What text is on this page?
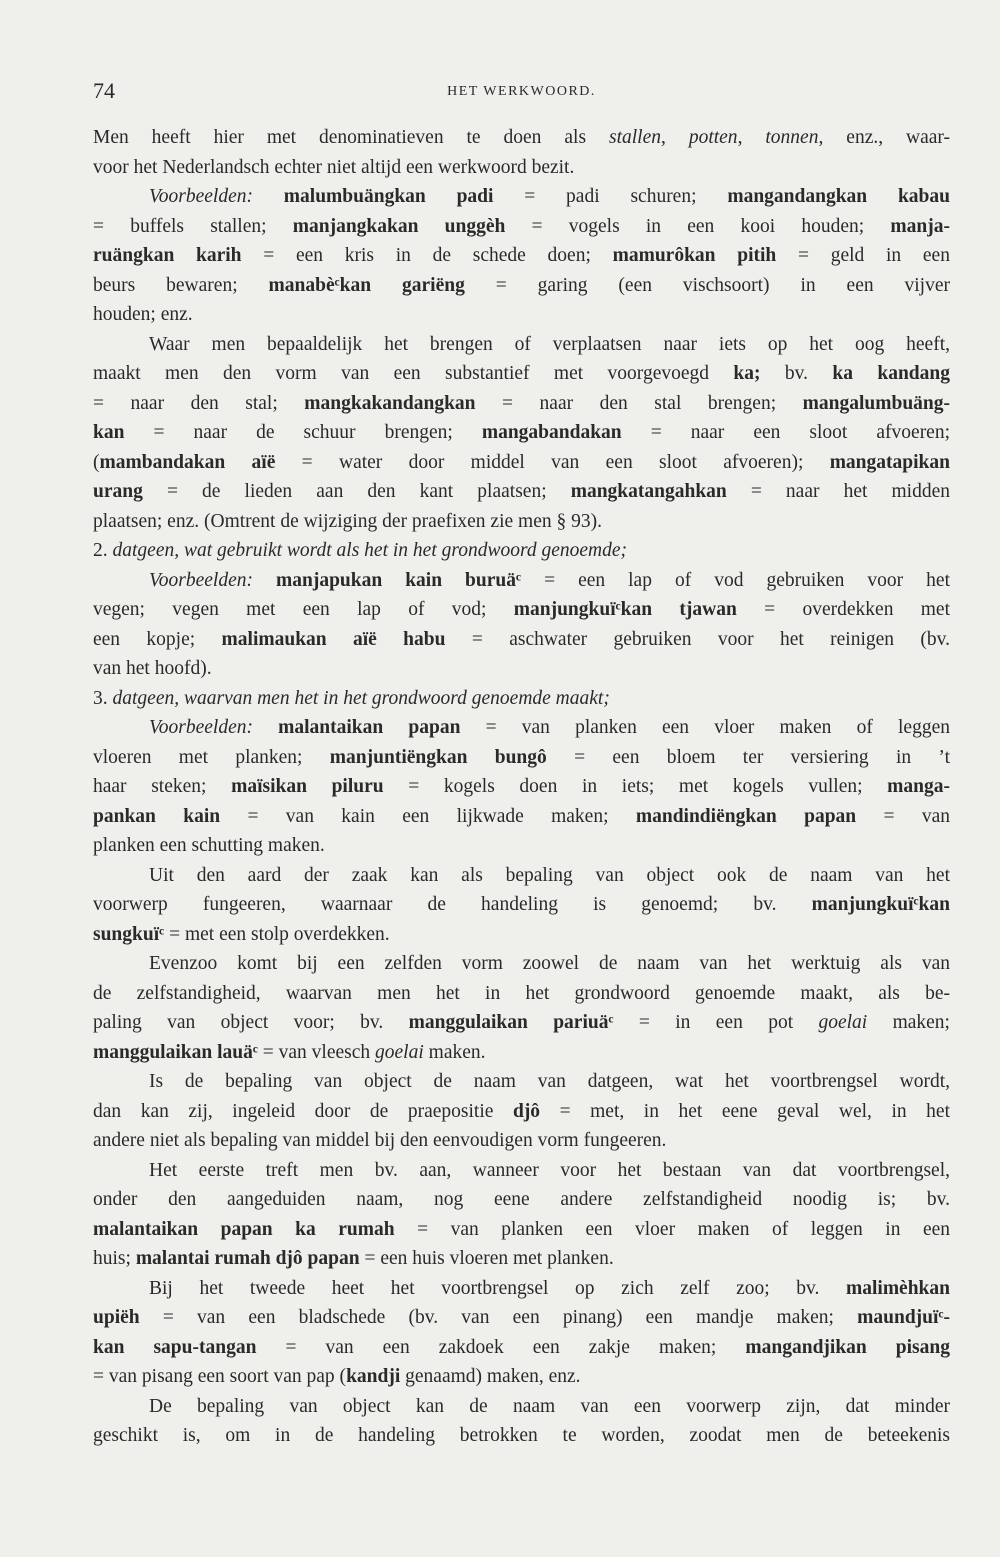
74	HET WERKWOORD.
Men heeft hier met denominatieven te doen als stallen, potten, tonnen, enz., waar-
voor het Nederlandsch echter niet altijd een werkwoord bezit.
Voorbeelden: malumbuängkan padi = padi schuren; mangandangkan kabau
= buffels stallen; manjangkakan unggèh = vogels in een kooi houden; manja-
ruängkan karih = een kris in de schede doen; mamurôkan pitih = geld in een
beurs bewaren; manabèᶜkan gariëng = garing (een vischsoort) in een vijver
houden; enz.
Waar men bepaaldelijk het brengen of verplaatsen naar iets op het oog heeft,
maakt men den vorm van een substantief met voorgevoegd ka; bv. ka kandang
= naar den stal; mangkakandangkan = naar den stal brengen; mangalumbuäng-
kan = naar de schuur brengen; mangabandakan = naar een sloot afvoeren;
(mambandakan aïë = water door middel van een sloot afvoeren); mangatapikan
urang = de lieden aan den kant plaatsen; mangkatangahkan = naar het midden
plaatsen; enz. (Omtrent de wijziging der praefixen zie men § 93).
2. datgeen, wat gebruikt wordt als het in het grondwoord genoemde;
Voorbeelden: manjapukan kain buruäᶜ = een lap of vod gebruiken voor het
vegen; vegen met een lap of vod; manjungkuïᶜkan tjawan = overdekken met
een kopje; malimaukan aïë habu = aschwater gebruiken voor het reinigen (bv.
van het hoofd).
3. datgeen, waarvan men het in het grondwoord genoemde maakt;
Voorbeelden: malantaikan papan = van planken een vloer maken of leggen
vloeren met planken; manjuntiëngkan bungô = een bloem ter versiering in ’t
haar steken; maïsikan piluru = kogels doen in iets; met kogels vullen; manga-
pankan kain = van kain een lijkwade maken; mandindiëngkan papan = van
planken een schutting maken.
Uit den aard der zaak kan als bepaling van object ook de naam van het
voorwerp fungeeren, waarnaar de handeling is genoemd; bv. manjungkuïᶜkan
sungkuïᶜ = met een stolp overdekken.
Evenzoo komt bij een zelfden vorm zoowel de naam van het werktuig als van
de zelfstandigheid, waarvan men het in het grondwoord genoemde maakt, als be-
paling van object voor; bv. manggulaikan pariuäᶜ = in een pot goelai maken;
manggulaikan lauäᶜ = van vleesch goelai maken.
Is de bepaling van object de naam van datgeen, wat het voortbrengsel wordt,
dan kan zij, ingeleid door de praepositie djô = met, in het eene geval wel, in het
andere niet als bepaling van middel bij den eenvoudigen vorm fungeeren.
Het eerste treft men bv. aan, wanneer voor het bestaan van dat voortbrengsel,
onder den aangeduiden naam, nog eene andere zelfstandigheid noodig is; bv.
malantaikan papan ka rumah = van planken een vloer maken of leggen in een
huis; malantai rumah djô papan = een huis vloeren met planken.
Bij het tweede heet het voortbrengsel op zich zelf zoo; bv. malimèhkan
upiëh = van een bladschede (bv. van een pinang) een mandje maken; maundjuïᶜ-
kan sapu-tangan = van een zakdoek een zakje maken; mangandjikan pisang
= van pisang een soort van pap (kandji genaamd) maken, enz.
De bepaling van object kan de naam van een voorwerp zijn, dat minder
geschikt is, om in de handeling betrokken te worden, zoodat men de beteekenis
